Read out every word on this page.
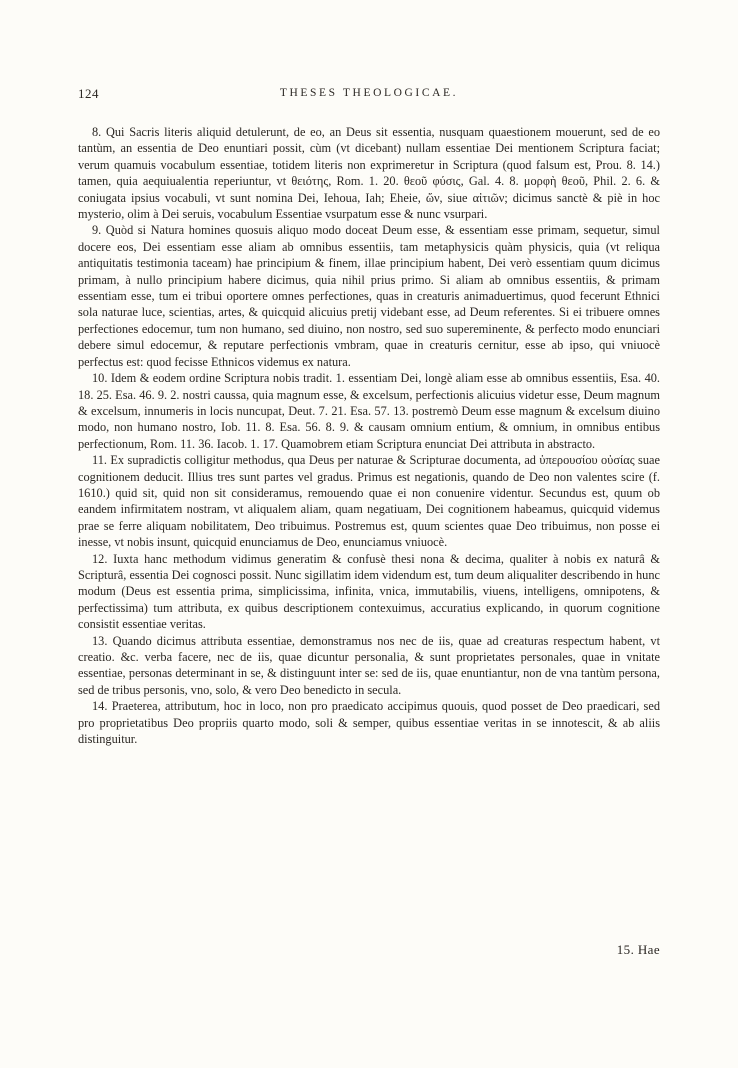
124	THESES THEOLOGICAE.

8. Qui Sacris literis aliquid detulerunt, de eo, an Deus sit essentia, nusquam quaestionem mouerunt, sed de eo tantùm, an essentia de Deo enuntiari possit, cùm (vt dicebant) nullam essentiae Dei mentionem Scriptura faciat; verum quamuis vocabulum essentiae, totidem literis non exprimeretur in Scriptura (quod falsum est, Prou. 8. 14.) tamen, quia aequiualentia reperiuntur, vt θειότης, Rom. 1. 20. θεοῦ φύσις, Gal. 4. 8. μορφὴ θεοῦ, Phil. 2. 6. & coniugata ipsius vocabuli, vt sunt nomina Dei, Iehoua, Iah; Eheie, ὤν, siue αἰτιῶν; dicimus sanctè & piè in hoc mysterio, olim à Dei seruis, vocabulum Essentiae vsurpatum esse & nunc vsurpari.

9. Quòd si Natura homines quosuis aliquo modo doceat Deum esse, & essentiam esse primam, sequetur, simul docere eos, Dei essentiam esse aliam ab omnibus essentiis, tam metaphysicis quàm physicis, quia (vt reliqua antiquitatis testimonia taceam) hae principium & finem, illae principium habent, Dei verò essentiam quum dicimus primam, à nullo principium habere dicimus, quia nihil prius primo. Si aliam ab omnibus essentiis, & primam essentiam esse, tum ei tribui oportere omnes perfectiones, quas in creaturis animaduertimus, quod fecerunt Ethnici sola naturae luce, scientias, artes, & quicquid alicuius pretij videbant esse, ad Deum referentes. Si ei tribuere omnes perfectiones edocemur, tum non humano, sed diuino, non nostro, sed suo supereminente, & perfecto modo enunciari debere simul edocemur, & reputare perfectionis vmbram, quae in creaturis cernitur, esse ab ipso, qui vniuocè perfectus est: quod fecisse Ethnicos videmus ex natura.

10. Idem & eodem ordine Scriptura nobis tradit. 1. essentiam Dei, longè aliam esse ab omnibus essentiis, Esa. 40. 18. 25. Esa. 46. 9. 2. nostri caussa, quia magnum esse, & excelsum, perfectionis alicuius videtur esse, Deum magnum & excelsum, innumeris in locis nuncupat, Deut. 7. 21. Esa. 57. 13. postremò Deum esse magnum & excelsum diuino modo, non humano nostro, Iob. 11. 8. Esa. 56. 8. 9. & causam omnium entium, & omnium, in omnibus entibus perfectionum, Rom. 11. 36. Iacob. 1. 17. Quamobrem etiam Scriptura enunciat Dei attributa in abstracto.

11. Ex supradictis colligitur methodus, qua Deus per naturae & Scripturae documenta, ad ὑπερουσίου οὐσίας suae cognitionem deducit. Illius tres sunt partes vel gradus. Primus est negationis, quando de Deo non valentes scire (f. 1610.) quid sit, quid non sit consideramus, remouendo quae ei non conuenire videntur. Secundus est, quum ob eandem infirmitatem nostram, vt aliqualem aliam, quam negatiuam, Dei cognitionem habeamus, quicquid videmus prae se ferre aliquam nobilitatem, Deo tribuimus. Postremus est, quum scientes quae Deo tribuimus, non posse ei inesse, vt nobis insunt, quicquid enunciamus de Deo, enunciamus vniuocè.

12. Iuxta hanc methodum vidimus generatim & confusè thesi nona & decima, qualiter à nobis ex naturâ & Scripturâ, essentia Dei cognosci possit. Nunc sigillatim idem videndum est, tum deum aliqualiter describendo in hunc modum (Deus est essentia prima, simplicissima, infinita, vnica, immutabilis, viuens, intelligens, omnipotens, & perfectissima) tum attributa, ex quibus descriptionem contexuimus, accuratius explicando, in quorum cognitione consistit essentiae veritas.

13. Quando dicimus attributa essentiae, demonstramus nos nec de iis, quae ad creaturas respectum habent, vt creatio. &c. verba facere, nec de iis, quae dicuntur personalia, & sunt proprietates personales, quae in vnitate essentiae, personas determinant in se, & distinguunt inter se: sed de iis, quae enuntiantur, non de vna tantùm persona, sed de tribus personis, vno, solo, & vero Deo benedicto in secula.

14. Praeterea, attributum, hoc in loco, non pro praedicato accipimus quouis, quod posset de Deo praedicari, sed pro proprietatibus Deo propriis quarto modo, soli & semper, quibus essentiae veritas in se innotescit, & ab aliis distinguitur.

15. Hae
